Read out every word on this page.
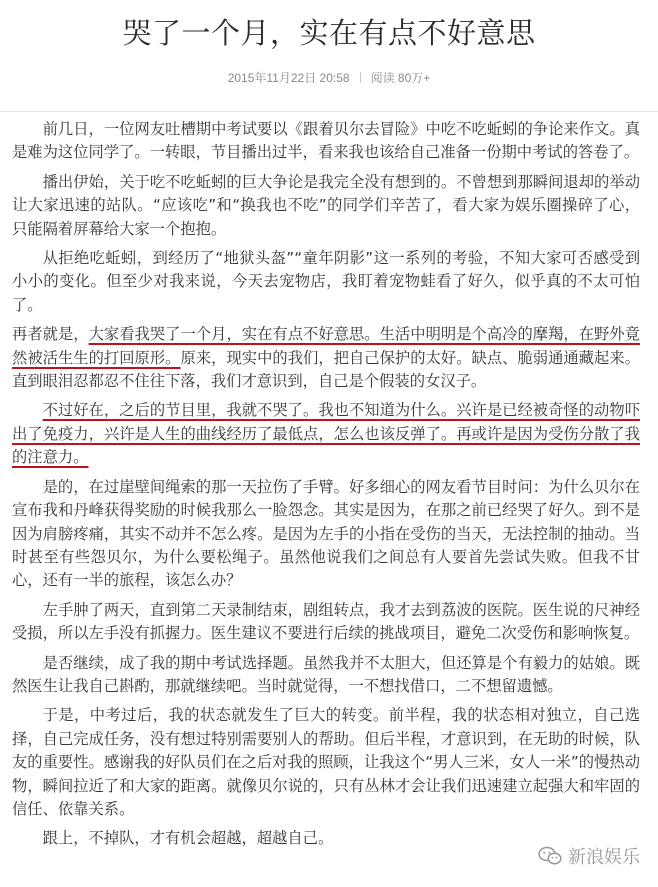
哭了一个月，实在有点不好意思
2015年11月22日 20:58 阅读 80万+

前几日，一位网友吐槽期中考试要以《跟着贝尔去冒险》中吃不吃蚯蚓的争论来作文。真是难为这位同学了。一转眼，节目播出过半，看来我也该给自己准备一份期中考试的答卷了。

播出伊始，关于吃不吃蚯蚓的巨大争论是我完全没有想到的。不曾想到那瞬间退却的举动让大家迅速的站队。“应该吃”和“换我也不吃”的同学们辛苦了，看大家为娱乐圈操碎了心，只能隔着屏幕给大家一个抱抱。

从拒绝吃蚯蚓，到经历了“地狱头盔”“童年阴影”这一系列的考验，不知大家可否感受到小小的变化。但至少对我来说，今天去宠物店，我盯着宠物蛙看了好久，似乎真的不太可怕了。

再者就是，大家看我哭了一个月，实在有点不好意思。生活中明明是个高冷的摩羯，在野外竟然被活生生的打回原形。原来，现实中的我们，把自己保护的太好。缺点、脆弱通通藏起来。直到眼泪忍都忍不住往下落，我们才意识到，自己是个假装的女汉子。

不过好在，之后的节目里，我就不哭了。我也不知道为什么。兴许是已经被奇怪的动物吓出了免疫力，兴许是人生的曲线经历了最低点，怎么也该反弹了。再或许是因为受伤分散了我的注意力。

是的，在过崖壁间绳索的那一天拉伤了手臂。好多细心的网友看节目时问：为什么贝尔在宣布我和丹峰获得奖励的时候我那么一脸怨念。其实是因为，在那之前已经哭了好久。到不是因为肩膀疼痛，其实不动并不怎么疼。是因为左手的小指在受伤的当天，无法控制的抽动。当时甚至有些怨贝尔，为什么要松绳子。虽然他说我们之间总有人要首先尝试失败。但我不甘心，还有一半的旅程，该怎么办？

左手肿了两天，直到第二天录制结束，剧组转点，我才去到荔波的医院。医生说的尺神经受损，所以左手没有抓握力。医生建议不要进行后续的挑战项目，避免二次受伤和影响恢复。

是否继续，成了我的期中考试选择题。虽然我并不太胆大，但还算是个有毅力的姑娘。既然医生让我自己斟酌，那就继续吧。当时就觉得，一不想找借口，二不想留遗憾。

于是，中考过后，我的状态就发生了巨大的转变。前半程，我的状态相对独立，自己选择，自己完成任务，没有想过特别需要别人的帮助。但后半程，才意识到，在无助的时候，队友的重要性。感谢我的好队员们在之后对我的照顾，让我这个“男人三米，女人一米”的慢热动物，瞬间拉近了和大家的距离。就像贝尔说的，只有丛林才会让我们迅速建立起强大和牢固的信任、依靠关系。

跟上，不掉队，才有机会超越，超越自己。

新浪娱乐
